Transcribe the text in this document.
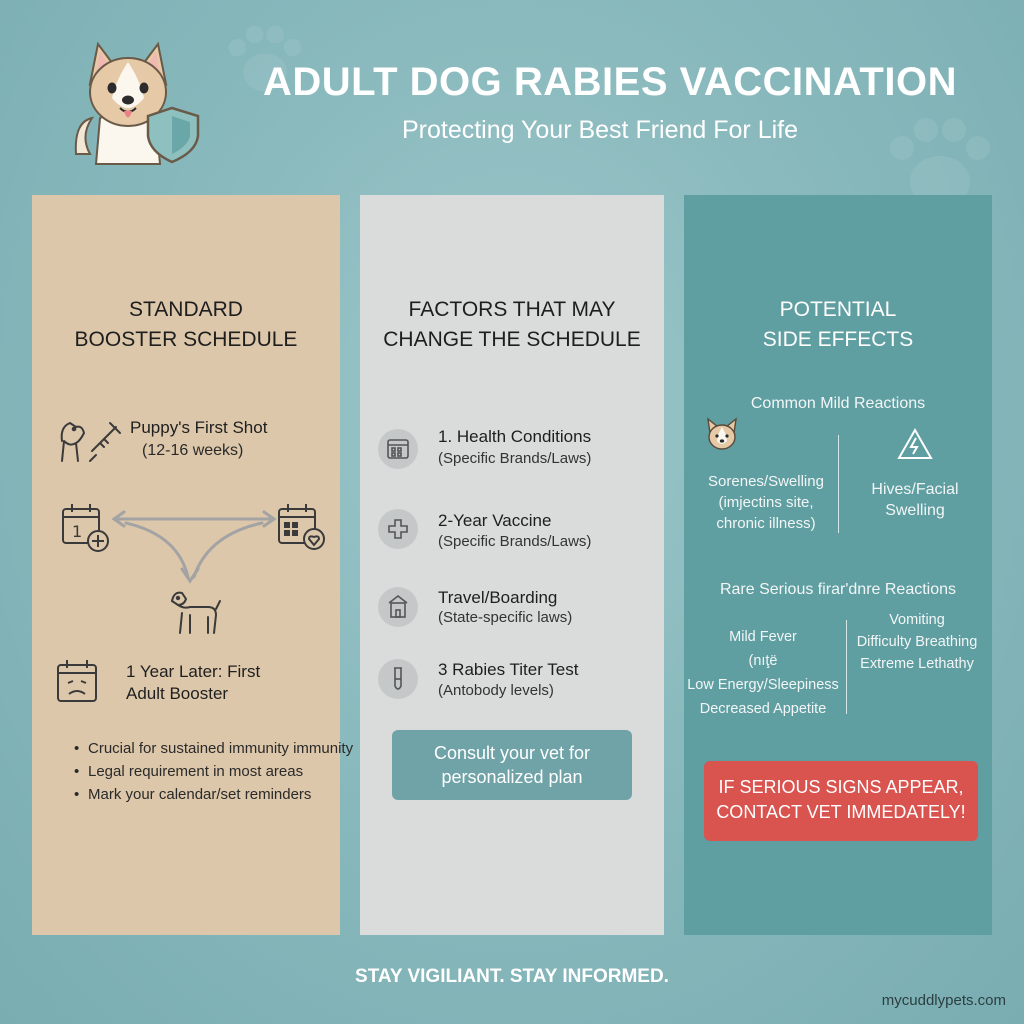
ADULT DOG RABIES VACCINATION
Protecting Your Best Friend For Life
STANDARD
BOOSTER SCHEDULE
Puppy's First Shot
(12-16 weeks)
1
1 Year Later: First
Adult Booster
• Crucial for sustained immunity immunity
• Legal requirement in most areas
• Mark your calendar/set reminders
FACTORS THAT MAY
CHANGE THE SCHEDULE
1. Health Conditions
(Specific Brands/Laws)
2-Year Vaccine
(Specific Brands/Laws)
Travel/Boarding
(State-specific laws)
3 Rabies Titer Test
(Antobody levels)
Consult your vet for
personalized plan
POTENTIAL
SIDE EFFECTS
Common Mild Reactions
Sorenes/Swelling
(imjectins site,
chronic illness)
Hives/Facial
Swelling
Rare Serious ﬁrar'dnre Reactions
Mild Fever
(nıţë
Low Energy/Sleepiness
Decreased Appetite
Vomiting
Difficulty Breathing
Extreme Lethathy
IF SERIOUS SIGNS APPEAR,
CONTACT VET IMMEDATELY!
STAY VIGILIANT. STAY INFORMED.
mycuddlypets.com
